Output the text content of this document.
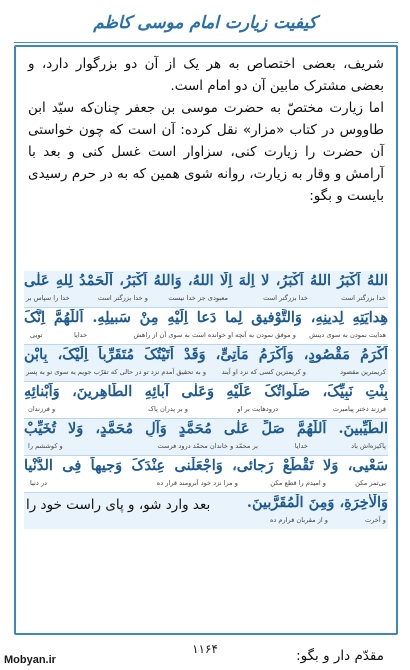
کیفیت زیارت امام موسی کاظم

شریف، بعضی اختصاص به هر یک از آن دو بزرگوار دارد، و بعضی مشترک مابین آن دو امام است.

اما زیارت مختصّ به حضرت موسی بن جعفر چنان‌که سیّد ابن طاووس در کتاب «مزار» نقل کرده: آن است که چون خواستی آن حضرت را زیارت کنی، سزاوار است غسل کنی و بعد با آرامش و وقار به زیارت، روانه شوی همین که به در حرم رسیدی بایست و بگو:

اللهُ اَکْبَرُ اللهُ اَکْبَرُ، لا اِلٰهَ اِلَّا اللهُ، وَاللهُ اَکْبَرُ، اَلْحَمْدُ لِلهِ عَلٰی
خدا بزرگتر است
خدا بزرگتر است
معبودی جز خدا نیست
و خدا بزرگتر است
خدا را سپاس بر
هِدایَتِهِ لِدینِهِ، وَالتَّوْفیقِ لِما دَعا اِلَیْهِ مِنْ سَبیلِهِ. اَللّٰهُمَّ اِنَّکَ
هدایت نمودن به سوی دینش
و موفق نمودن به آنچه او خوانده است به سوی آن از راهش
خدایا
تویی
اَکْرَمُ مَقْصُودٍ، وَاَکْرَمُ مَاْتِیٍّ، وَقَدْ اَتَیْتُکَ مُتَقَرِّباً اِلَیْکَ، بِابْنِ
کریمترین مقصود
و کریمترین کسی که نزد او آیند
و به تحقیق آمدم نزد تو در حالی که تقرّب جویم به سوی تو به پسر
بِنْتِ نَبِیِّکَ، صَلَواتُکَ عَلَیْهِ وَعَلٰی آبائِهِ الطّاهِرینَ، وَاَبْنائِهِ
فرزند دختر پیامبرت
درودهایت بر او
و بر پدران پاک
و فرزندان
الطَّیِّبینَ. اَللّٰهُمَّ صَلِّ عَلٰی مُحَمَّدٍ وَآلِ مُحَمَّدٍ، وَلا تُخَیِّبْ
پاکیزه‌اش باد
خدایا
بر محمّد و خاندان محمّد درود فرست
و کوششم را
سَعْیی، وَلا تَقْطَعْ رَجائی، وَاجْعَلْنی عِنْدَکَ وَجیهاً فِی الدُّنْیا
بی‌ثمر مکن
و امیدم را قطع مکن
و مرا نزد خود آبرومند قرار ده
در دنیا
وَالْاٰخِرَةِ، وَمِنَ الْمُقَرَّبینَ.
بعد وارد شو، و پای راست خود را
و آخرت
و از مقربان قرارم ده

مقدّم دار و بگو:

۱۱۶۴
Mobyan.ir
